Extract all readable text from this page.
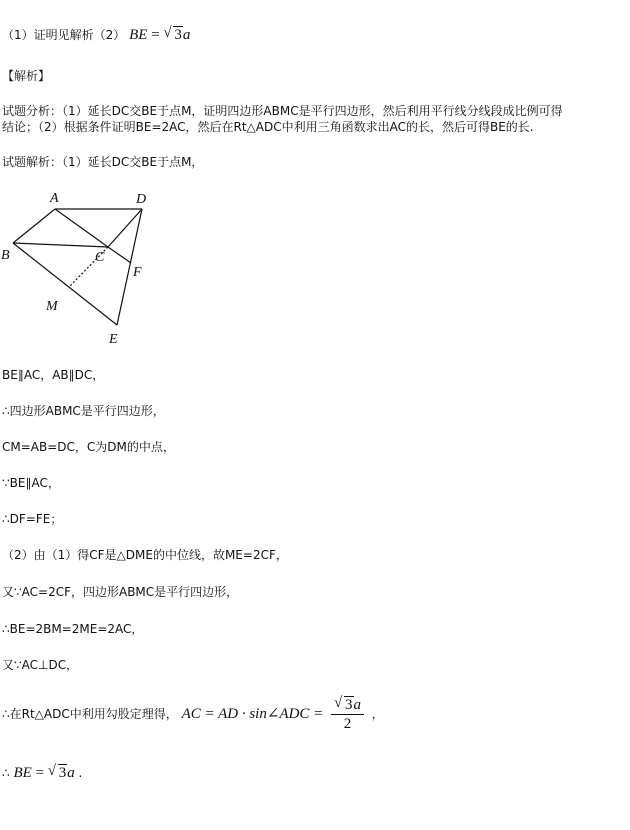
（1）证明见解析（2） BE = √ 3a
【解析】
试题分析：（1）延长DC交BE于点M，证明四边形ABMC是平行四边形，然后利用平行线分线段成比例可得
结论；（2）根据条件证明BE=2AC，然后在Rt△ADC中利用三角函数求出AC的长，然后可得BE的长.
试题解析：（1）延长DC交BE于点M，
A	D
B	C
F
M
E
BE∥AC，AB∥DC，
∴四边形ABMC是平行四边形，
CM=AB=DC，C为DM的中点，
∵BE∥AC，
∴DF=FE；
（2）由（1）得CF是△DME的中位线，故ME=2CF，
又∵AC=2CF，四边形ABMC是平行四边形，
∴BE=2BM=2ME=2AC，
又∵AC⊥DC，
∴在Rt△ADC中利用勾股定理得， AC = AD · sin∠ADC = $\frac{√ 3a}{2}$ ，
∴ BE = √ 3a .
